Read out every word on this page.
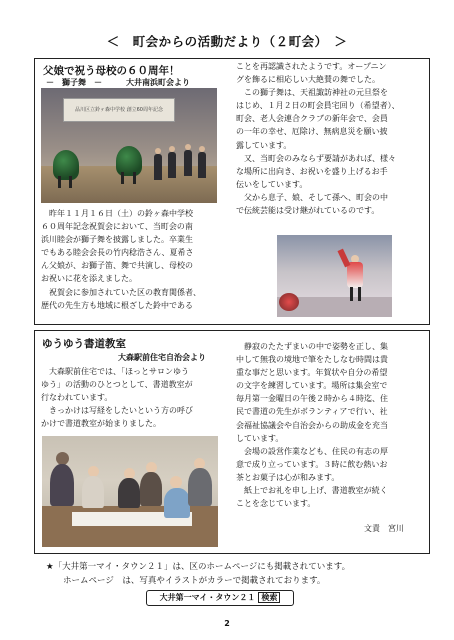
＜　町会からの活動だより（２町会）　＞
父娘で祝う母校の６０周年！
－　獅子舞　－　　　大井南浜町会より
品川区立鈴ヶ森中学校 創立60周年記念
　昨年１１月１６日（土）の鈴ヶ森中学校
６０周年記念祝賀会において、当町会の南
浜川睦会が獅子舞を披露しました。卒業生
でもある睦会会長の竹内稔浩さん、夏希さ
ん父娘が、お獅子笛、舞で共演し、母校の
お祝いに花を添えました。
　祝賀会に参加されていた区の教育関係者、
歴代の先生方も地域に根ざした鈴中である
ことを再認識されたようです。オープニン
グを飾るに相応しい大絶賛の舞でした。
　この獅子舞は、天祖諏訪神社の元旦祭を
はじめ、１月２日の町会員宅回り（希望者）、
町会、老人会連合クラブの新年会で、会員
の一年の幸せ、厄除け、無病息災を願い披
露しています。
　又、当町会のみならず要請があれば、様々
な場所に出向き、お祝いを盛り上げるお手
伝いをしています。
　父から息子、娘、そして孫へ、町会の中
で伝統芸能は受け継がれているのです。
ゆうゆう書道教室
大森駅前住宅自治会より
　大森駅前住宅では、「ほっとサロンゆう
ゆう」の活動のひとつとして、書道教室が
行なわれています。
　きっかけは写経をしたいという方の呼び
かけで書道教室が始まりました。
　静寂のたたずまいの中で姿勢を正し、集
中して無我の境地で筆をたしなむ時間は貴
重な事だと思います。年賀状や自分の希望
の文字を練習しています。場所は集会室で
毎月第一金曜日の午後２時から４時迄、住
民で書道の先生がボランティアで行い、社
会福祉協議会や自治会からの助成金を充当
しています。
　会場の設営作業なども、住民の有志の厚
意で成り立っています。３時に飲む熱いお
茶とお菓子は心が和みます。
　紙上でお礼を申し上げ、書道教室が続く
ことを念じています。
文責　宮川
★「大井第一マイ・タウン２１」は、区のホームページにも掲載されています。
　　ホームページ　は、写真やイラストがカラーで掲載されております。
大井第一マイ・タウン２１ 検索
2
